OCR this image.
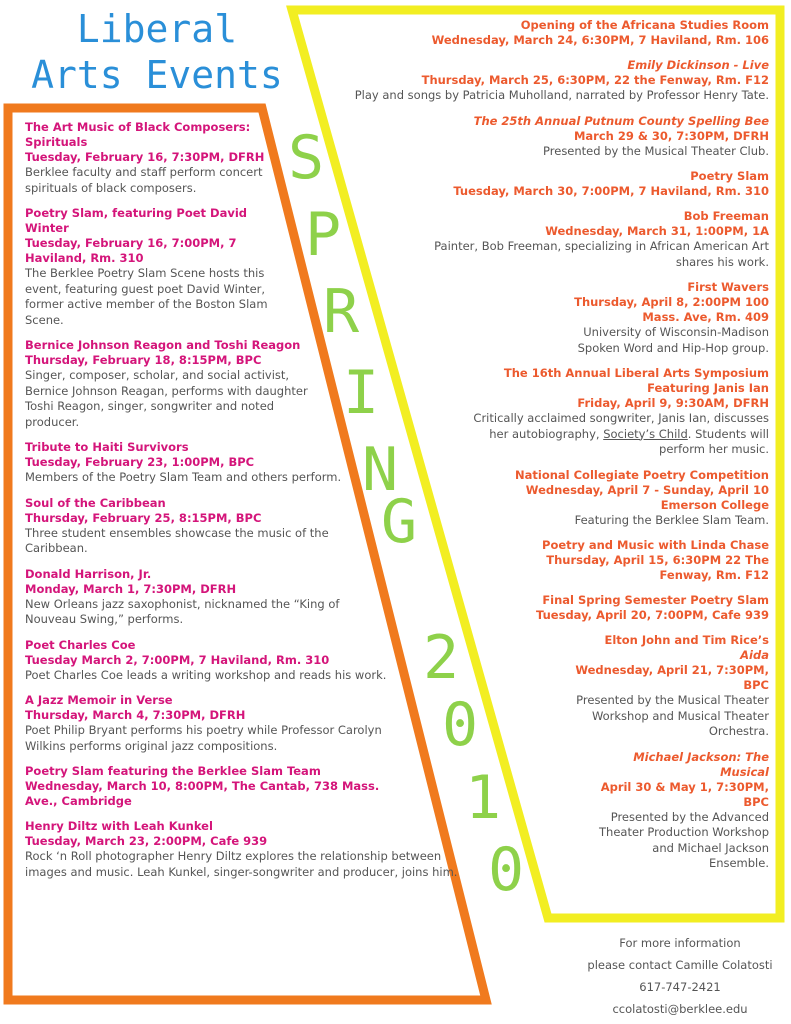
Liberal
Arts Events
S
P
R
I
N
G
2
0
1
0
The Art Music of Black Composers: Spirituals
Tuesday, February 16, 7:30PM, DFRH
Berklee faculty and staff perform concert spirituals of black composers.
Poetry Slam, featuring Poet David Winter
Tuesday, February 16, 7:00PM, 7 Haviland, Rm. 310
The Berklee Poetry Slam Scene hosts this event, featuring guest poet David Winter, former active member of the Boston Slam Scene.
Bernice Johnson Reagon and Toshi Reagon
Thursday, February 18, 8:15PM, BPC
Singer, composer, scholar, and social activist, Bernice Johnson Reagan, performs with daughter Toshi Reagon, singer, songwriter and noted producer.
Tribute to Haiti Survivors
Tuesday, February 23, 1:00PM, BPC
Members of the Poetry Slam Team and others perform.
Soul of the Caribbean
Thursday, February 25, 8:15PM, BPC
Three student ensembles showcase the music of the Caribbean.
Donald Harrison, Jr.
Monday, March 1, 7:30PM, DFRH
New Orleans jazz saxophonist, nicknamed the “King of Nouveau Swing,” performs.
Poet Charles Coe
Tuesday March 2, 7:00PM, 7 Haviland, Rm. 310
Poet Charles Coe leads a writing workshop and reads his work.
A Jazz Memoir in Verse
Thursday, March 4, 7:30PM, DFRH
Poet Philip Bryant performs his poetry while Professor Carolyn Wilkins performs original jazz compositions.
Poetry Slam featuring the Berklee Slam Team
Wednesday, March 10, 8:00PM, The Cantab, 738 Mass. Ave., Cambridge
Henry Diltz with Leah Kunkel
Tuesday, March 23, 2:00PM, Cafe 939
Rock ‘n Roll photographer Henry Diltz explores the relationship between images and music. Leah Kunkel, singer-songwriter and producer, joins him.
Opening of the Africana Studies Room
Wednesday, March 24, 6:30PM, 7 Haviland, Rm. 106
Emily Dickinson - Live
Thursday, March 25, 6:30PM, 22 the Fenway, Rm. F12
Play and songs by Patricia Muholland, narrated by Professor Henry Tate.
The 25th Annual Putnum County Spelling Bee
March 29 & 30, 7:30PM, DFRH
Presented by the Musical Theater Club.
Poetry Slam
Tuesday, March 30, 7:00PM, 7 Haviland, Rm. 310
Bob Freeman
Wednesday, March 31, 1:00PM, 1A
Painter, Bob Freeman, specializing in African American Art shares his work.
First Wavers
Thursday, April 8, 2:00PM 100 Mass. Ave, Rm. 409
University of Wisconsin-Madison Spoken Word and Hip-Hop group.
The 16th Annual Liberal Arts Symposium Featuring Janis Ian
Friday, April 9, 9:30AM, DFRH
Critically acclaimed songwriter, Janis Ian, discusses her autobiography, Society’s Child. Students will perform her music.
National Collegiate Poetry Competition
Wednesday, April 7 - Sunday, April 10 Emerson College
Featuring the Berklee Slam Team.
Poetry and Music with Linda Chase
Thursday, April 15, 6:30PM 22 The Fenway, Rm. F12
Final Spring Semester Poetry Slam
Tuesday, April 20, 7:00PM, Cafe 939
Elton John and Tim Rice’s Aida
Wednesday, April 21, 7:30PM, BPC
Presented by the Musical Theater Workshop and Musical Theater Orchestra.
Michael Jackson: The Musical
April 30 & May 1, 7:30PM, BPC
Presented by the Advanced Theater Production Workshop and Michael Jackson Ensemble.
For more information
please contact Camille Colatosti
617-747-2421
ccolatosti@berklee.edu
